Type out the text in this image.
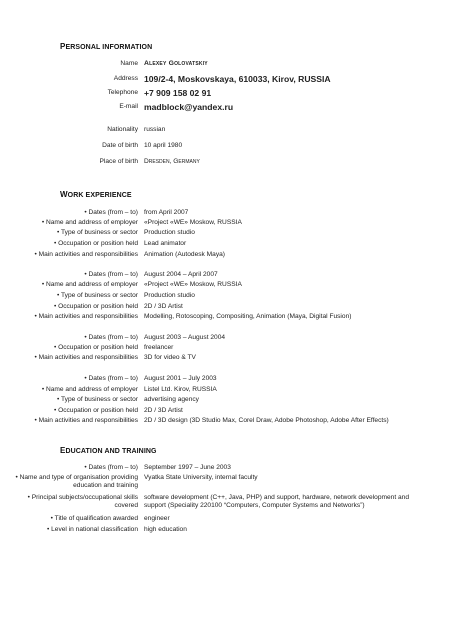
PERSONAL INFORMATION
Name Alexey Golovatskiy
Address 109/2-4, Moskovskaya, 610033, Kirov, RUSSIA
Telephone +7 909 158 02 91
E-mail madblock@yandex.ru
Nationality russian
Date of birth 10 april 1980
Place of birth Dresden, Germany
WORK EXPERIENCE
• Dates (from – to) from April 2007
• Name and address of employer «Project «WE» Moskow, RUSSIA
• Type of business or sector Production studio
• Occupation or position held Lead animator
• Main activities and responsibilities Animation (Autodesk Maya)
• Dates (from – to) August 2004 – April 2007
• Name and address of employer «Project «WE» Moskow, RUSSIA
• Type of business or sector Production studio
• Occupation or position held 2D / 3D Artist
• Main activities and responsibilities Modelling, Rotoscoping, Compositing, Animation (Maya, Digital Fusion)
• Dates (from – to) August 2003 – August 2004
• Occupation or position held freelancer
• Main activities and responsibilities 3D for video & TV
• Dates (from – to) August 2001 – July 2003
• Name and address of employer Listel Ltd. Kirov, RUSSIA
• Type of business or sector advertising agency
• Occupation or position held 2D / 3D Artist
• Main activities and responsibilities 2D / 3D design (3D Studio Max, Corel Draw, Adobe Photoshop, Adobe After Effects)
EDUCATION AND TRAINING
• Dates (from – to) September 1997 – June 2003
• Name and type of organisation providing education and training
Vyatka State University, internal faculty
• Principal subjects/occupational skills covered
software development (C++, Java, PHP) and support, hardware, network development and support (Speciality 220100 “Computers, Computer Systems and Networks”)
• Title of qualification awarded engineer
• Level in national classification high education
